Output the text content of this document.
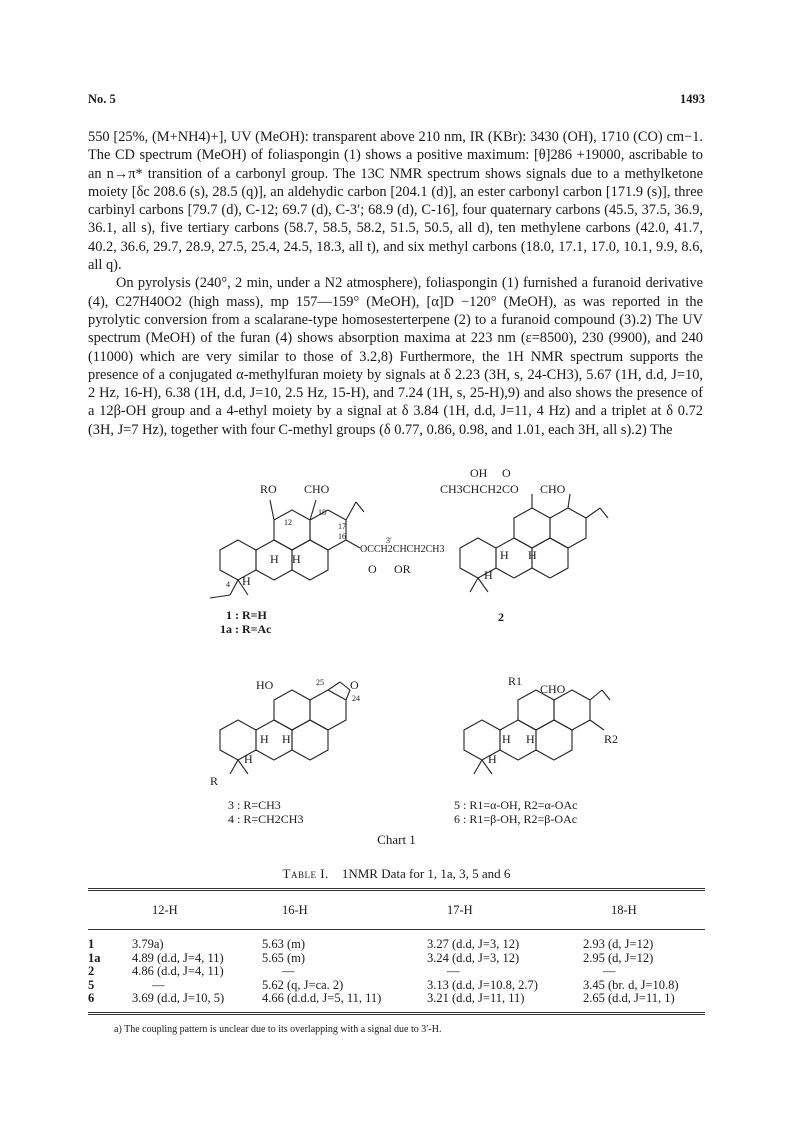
No. 5	1493

550 [25%, (M+NH4)+], UV (MeOH): transparent above 210 nm, IR (KBr): 3430 (OH), 1710 (CO) cm−1. The CD spectrum (MeOH) of foliaspongin (1) shows a positive maximum: [θ]286 +19000, ascribable to an n→π* transition of a carbonyl group. The 13C NMR spectrum shows signals due to a methylketone moiety [δc 208.6 (s), 28.5 (q)], an aldehydic carbon [204.1 (d)], an ester carbonyl carbon [171.9 (s)], three carbinyl carbons [79.7 (d), C-12; 69.7 (d), C-3′; 68.9 (d), C-16], four quaternary carbons (45.5, 37.5, 36.9, 36.1, all s), five tertiary carbons (58.7, 58.5, 58.2, 51.5, 50.5, all d), ten methylene carbons (42.0, 41.7, 40.2, 36.6, 29.7, 28.9, 27.5, 25.4, 24.5, 18.3, all t), and six methyl carbons (18.0, 17.1, 17.0, 10.1, 9.9, 8.6, all q).

On pyrolysis (240°, 2 min, under a N2 atmosphere), foliaspongin (1) furnished a furanoid derivative (4), C27H40O2 (high mass), mp 157—159° (MeOH), [α]D −120° (MeOH), as was reported in the pyrolytic conversion from a scalarane-type homosesterterpene (2) to a furanoid compound (3).2) The UV spectrum (MeOH) of the furan (4) shows absorption maxima at 223 nm (ε=8500), 230 (9900), and 240 (11000) which are very similar to those of 3.2,8) Furthermore, the 1H NMR spectrum supports the presence of a conjugated α-methylfuran moiety by signals at δ 2.23 (3H, s, 24-CH3), 5.67 (1H, d.d, J=10, 2 Hz, 16-H), 6.38 (1H, d.d, J=10, 2.5 Hz, 15-H), and 7.24 (1H, s, 25-H),9) and also shows the presence of a 12β-OH group and a 4-ethyl moiety by a signal at δ 3.84 (1H, d.d, J=11, 4 Hz) and a triplet at δ 0.72 (3H, J=7 Hz), together with four C-methyl groups (δ 0.77, 0.86, 0.98, and 1.01, each 3H, all s).2) The

RO CHO
12
18
17
16	3′
OCCH2CHCH2CH3
O OR
4
H H
H
1 : R=H
1a : R=Ac
OH O
CH3CHCH2CO CHO
H H
H
2
HO	25 O
24
R
H H
H
3 : R=CH3
4 : R=CH2CH3
R1
CHO
R2
H H
H
5 : R1=α-OH, R2=α-OAc
6 : R1=β-OH, R2=β-OAc
Chart 1
Table I. 1NMR Data for 1, 1a, 3, 5 and 6
	12-H	16-H	17-H	18-H
1	3.79a)	5.63 (m)	3.27 (d.d, J=3, 12)	2.93 (d, J=12)
1a	4.89 (d.d, J=4, 11)	5.65 (m)	3.24 (d.d, J=3, 12)	2.95 (d, J=12)
2	4.86 (d.d, J=4, 11)	—	—	—
5	—	5.62 (q, J=ca. 2)	3.13 (d.d, J=10.8, 2.7)	3.45 (br. d, J=10.8)
6	3.69 (d.d, J=10, 5)	4.66 (d.d.d, J=5, 11, 11)	3.21 (d.d, J=11, 11)	2.65 (d.d, J=11, 1)
a) The coupling pattern is unclear due to its overlapping with a signal due to 3′-H.
